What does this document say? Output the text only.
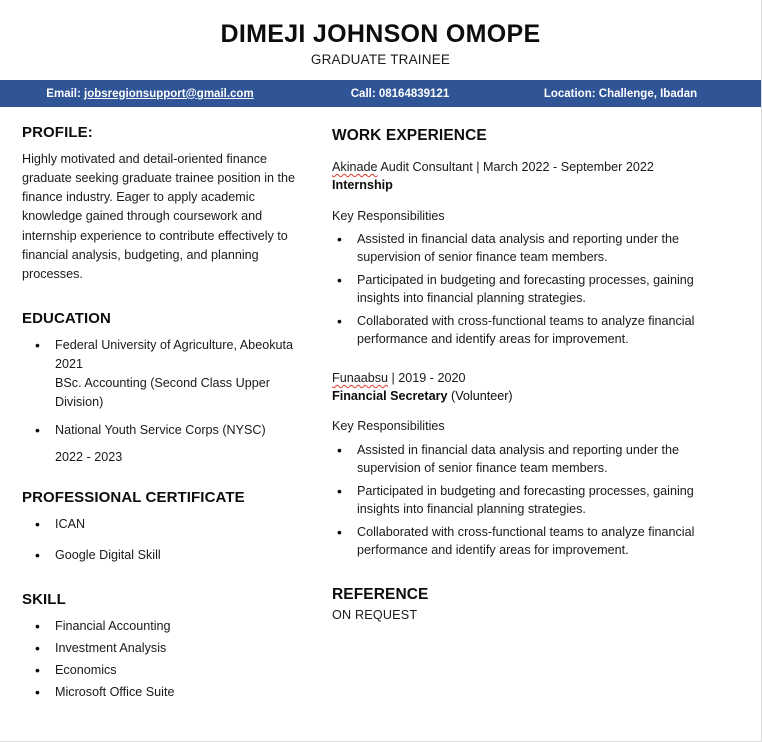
DIMEJI JOHNSON OMOPE
GRADUATE TRAINEE
Email: jobsregionsupport@gmail.com	Call: 08164839121	Location: Challenge, Ibadan
PROFILE:

Highly motivated and detail-oriented finance graduate seeking graduate trainee position in the finance industry. Eager to apply academic knowledge gained through coursework and internship experience to contribute effectively to financial analysis, budgeting, and planning processes.

EDUCATION
• Federal University of Agriculture, Abeokuta 2021
BSc. Accounting (Second Class Upper Division)
• National Youth Service Corps (NYSC)
2022 - 2023
PROFESSIONAL CERTIFICATE
• ICAN
• Google Digital Skill
SKILL
• Financial Accounting
• Investment Analysis
• Economics
• Microsoft Office Suite
WORK EXPERIENCE

Akinade Audit Consultant | March 2022 - September 2022

Internship

Key Responsibilities

• Assisted in financial data analysis and reporting under the supervision of senior finance team members.
• Participated in budgeting and forecasting processes, gaining insights into financial planning strategies.
• Collaborated with cross-functional teams to analyze financial performance and identify areas for improvement.

Funaabsu | 2019 - 2020

Financial Secretary (Volunteer)

Key Responsibilities

• Assisted in financial data analysis and reporting under the supervision of senior finance team members.
• Participated in budgeting and forecasting processes, gaining insights into financial planning strategies.
• Collaborated with cross-functional teams to analyze financial performance and identify areas for improvement.
REFERENCE

ON REQUEST
